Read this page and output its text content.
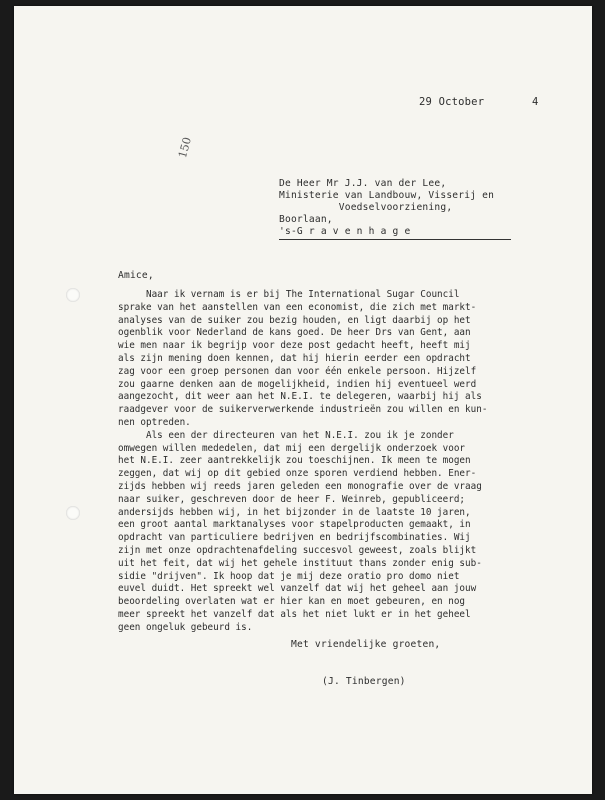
29 October	4
150
De Heer Mr J.J. van der Lee,
Ministerie van Landbouw, Visserij en
Voedselvoorziening,
Boorlaan,
's-G r a v e n h a g e
Amice,
Naar ik vernam is er bij The International Sugar Council
sprake van het aanstellen van een economist, die zich met markt-
analyses van de suiker zou bezig houden, en ligt daarbij op het
ogenblik voor Nederland de kans goed. De heer Drs van Gent, aan
wie men naar ik begrijp voor deze post gedacht heeft, heeft mij
als zijn mening doen kennen, dat hij hierin eerder een opdracht
zag voor een groep personen dan voor één enkele persoon. Hijzelf
zou gaarne denken aan de mogelijkheid, indien hij eventueel werd
aangezocht, dit weer aan het N.E.I. te delegeren, waarbij hij als
raadgever voor de suikerverwerkende industrieën zou willen en kun-
nen optreden.
Als een der directeuren van het N.E.I. zou ik je zonder
omwegen willen mededelen, dat mij een dergelijk onderzoek voor
het N.E.I. zeer aantrekkelijk zou toeschijnen. Ik meen te mogen
zeggen, dat wij op dit gebied onze sporen verdiend hebben. Ener-
zijds hebben wij reeds jaren geleden een monografie over de vraag
naar suiker, geschreven door de heer F. Weinreb, gepubliceerd;
andersijds hebben wij, in het bijzonder in de laatste 10 jaren,
een groot aantal marktanalyses voor stapelproducten gemaakt, in
opdracht van particuliere bedrijven en bedrijfscombinaties. Wij
zijn met onze opdrachtenafdeling succesvol geweest, zoals blijkt
uit het feit, dat wij het gehele instituut thans zonder enig sub-
sidie "drijven". Ik hoop dat je mij deze oratio pro domo niet
euvel duidt. Het spreekt wel vanzelf dat wij het geheel aan jouw
beoordeling overlaten wat er hier kan en moet gebeuren, en nog
meer spreekt het vanzelf dat als het niet lukt er in het geheel
geen ongeluk gebeurd is.
Met vriendelijke groeten,
(J. Tinbergen)
